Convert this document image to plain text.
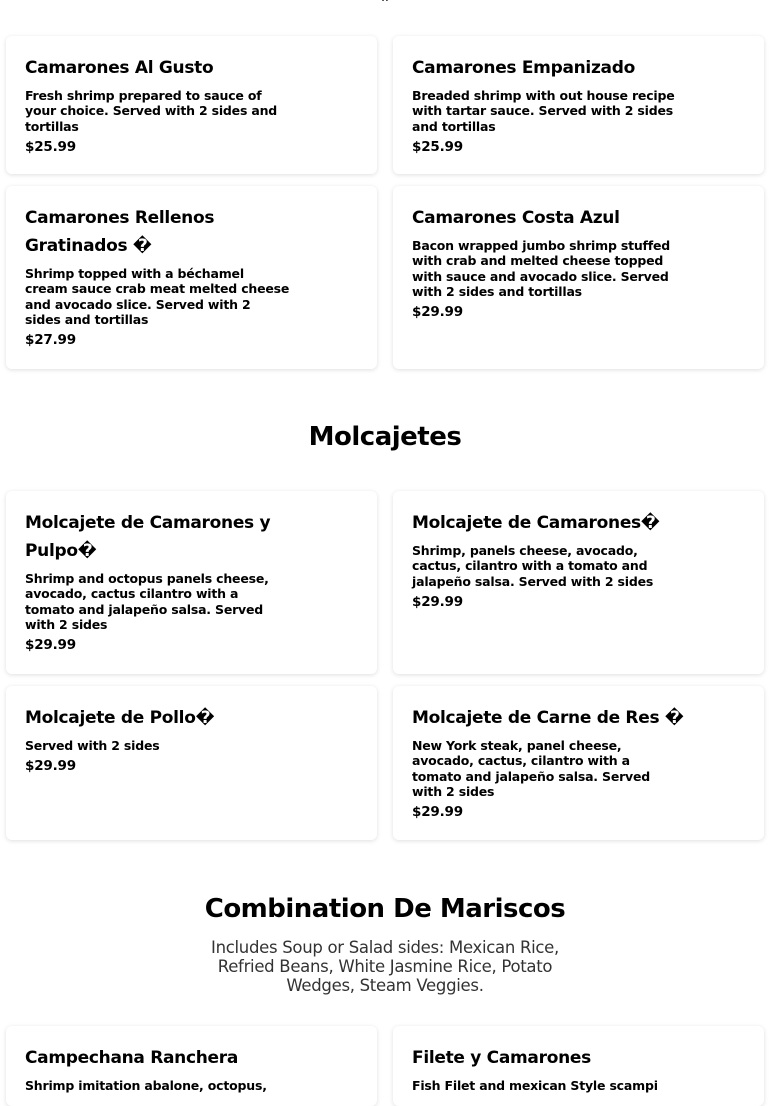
Camarones Al Gusto

Fresh shrimp prepared to sauce of your choice. Served with 2 sides and tortillas

$25.99

Camarones Empanizado

Breaded shrimp with out house recipe with tartar sauce. Served with 2 sides and tortillas

$25.99

Camarones Rellenos Gratinados �

Shrimp topped with a béchamel cream sauce crab meat melted cheese and avocado slice. Served with 2 sides and tortillas

$27.99

Camarones Costa Azul

Bacon wrapped jumbo shrimp stuffed with crab and melted cheese topped with sauce and avocado slice. Served with 2 sides and tortillas

$29.99

Molcajetes

Molcajete de Camarones y Pulpo�

Shrimp and octopus panels cheese, avocado, cactus cilantro with a tomato and jalapeño salsa. Served with 2 sides

$29.99

Molcajete de Camarones�

Shrimp, panels cheese, avocado, cactus, cilantro with a tomato and jalapeño salsa. Served with 2 sides

$29.99

Molcajete de Pollo�

Served with 2 sides

$29.99

Molcajete de Carne de Res �

New York steak, panel cheese, avocado, cactus, cilantro with a tomato and jalapeño salsa. Served with 2 sides

$29.99

Combination De Mariscos

Includes Soup or Salad sides: Mexican Rice, Refried Beans, White Jasmine Rice, Potato Wedges, Steam Veggies.

Campechana Ranchera

Shrimp imitation abalone, octopus,

Filete y Camarones

Fish Filet and mexican Style scampi
